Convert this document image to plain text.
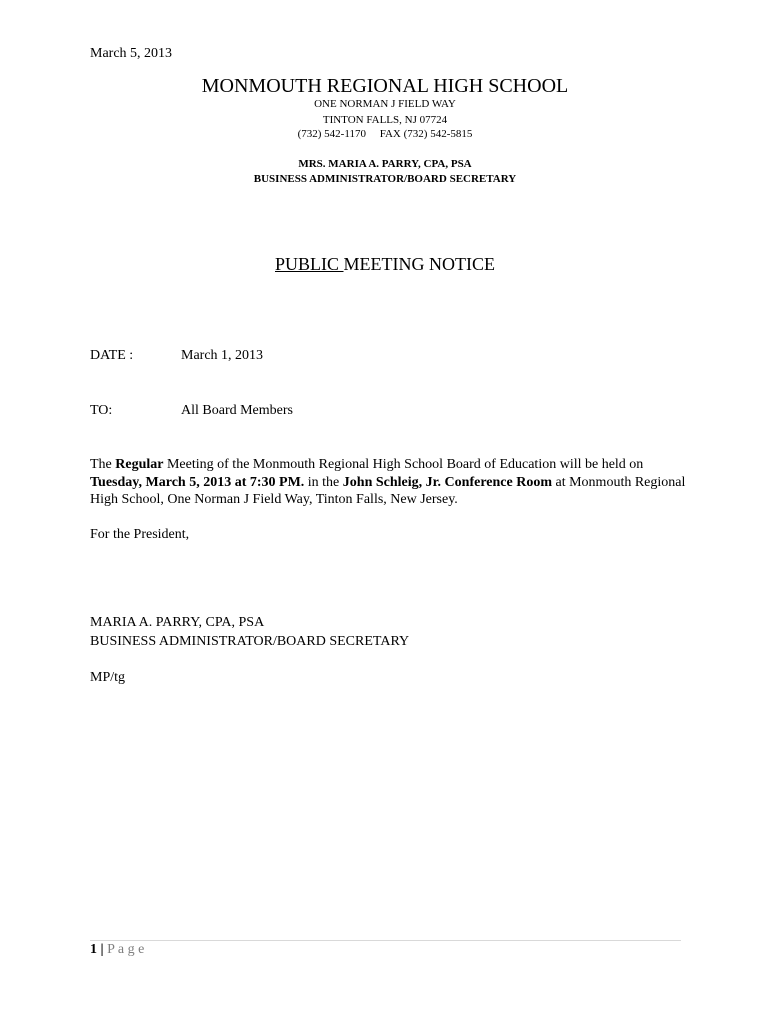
March 5, 2013
MONMOUTH REGIONAL HIGH SCHOOL
ONE NORMAN J FIELD WAY
TINTON FALLS, NJ 07724
(732) 542-1170     FAX (732) 542-5815
MRS. MARIA A. PARRY, CPA, PSA
BUSINESS ADMINISTRATOR/BOARD SECRETARY
PUBLIC MEETING NOTICE
DATE :	March 1, 2013
TO:	All Board Members
The Regular Meeting of the Monmouth Regional High School Board of Education will be held on Tuesday, March 5, 2013 at 7:30 PM. in the John Schleig, Jr. Conference Room at Monmouth Regional High School, One Norman J Field Way, Tinton Falls, New Jersey.
For the President,
MARIA A. PARRY, CPA, PSA
BUSINESS ADMINISTRATOR/BOARD SECRETARY
MP/tg
1 | P a g e
